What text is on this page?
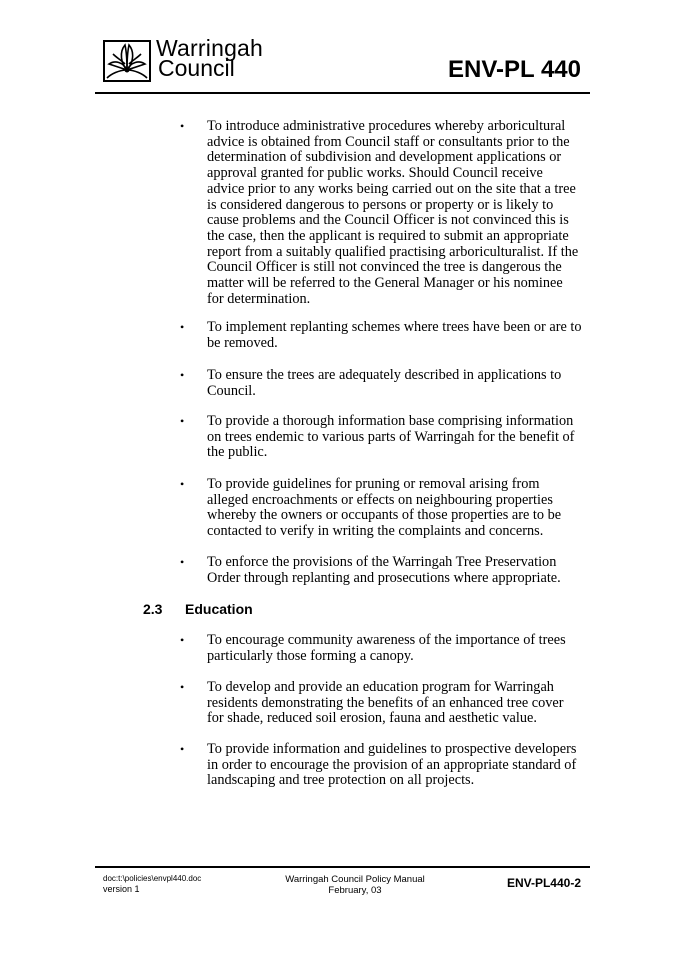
Warringah
Council	ENV-PL 440
• To introduce administrative procedures whereby arboricultural advice is obtained from Council staff or consultants prior to the determination of subdivision and development applications or approval granted for public works. Should Council receive advice prior to any works being carried out on the site that a tree is considered dangerous to persons or property or is likely to cause problems and the Council Officer is not convinced this is the case, then the applicant is required to submit an appropriate report from a suitably qualified practising arboriculturalist. If the Council Officer is still not convinced the tree is dangerous the matter will be referred to the General Manager or his nominee for determination.
• To implement replanting schemes where trees have been or are to be removed.
• To ensure the trees are adequately described in applications to Council.
• To provide a thorough information base comprising information on trees endemic to various parts of Warringah for the benefit of the public.
• To provide guidelines for pruning or removal arising from alleged encroachments or effects on neighbouring properties whereby the owners or occupants of those properties are to be contacted to verify in writing the complaints and concerns.
• To enforce the provisions of the Warringah Tree Preservation Order through replanting and prosecutions where appropriate.
2.3 Education
• To encourage community awareness of the importance of trees particularly those forming a canopy.
• To develop and provide an education program for Warringah residents demonstrating the benefits of an enhanced tree cover for shade, reduced soil erosion, fauna and aesthetic value.
• To provide information and guidelines to prospective developers in order to encourage the provision of an appropriate standard of landscaping and tree protection on all projects.
doc:t:\policies\envpl440.doc
version 1
Warringah Council Policy Manual
February, 03
ENV-PL440-2
